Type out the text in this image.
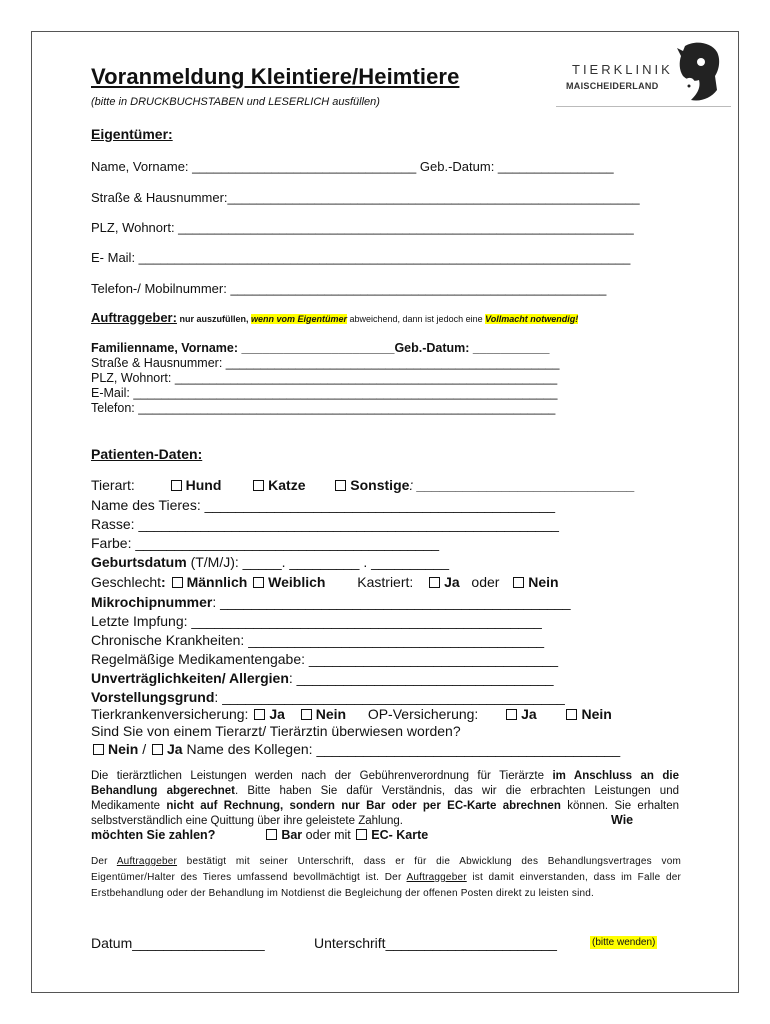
Voranmeldung Kleintiere/Heimtiere
(bitte in DRUCKBUCHSTABEN und LESERLICH ausfüllen)
TIERKLINIK
MAISCHEIDERLAND
Eigentümer:
Name, Vorname: _______________________________ Geb.-Datum: ________________
Straße & Hausnummer:_________________________________________________________
PLZ, Wohnort: _______________________________________________________________
E- Mail: ____________________________________________________________________
Telefon-/ Mobilnummer: ____________________________________________________
Auftraggeber: nur auszufüllen, wenn vom Eigentümer abweichend, dann ist jedoch eine Vollmacht notwendig!
Familienname, Vorname: ______________________Geb.-Datum: ___________
Straße & Hausnummer: ________________________________________________
PLZ, Wohnort: _______________________________________________________
E-Mail: _____________________________________________________________
Telefon: ____________________________________________________________
Patienten-Daten:
Tierart:	Hund	Katze	Sonstige: ____________________________
Name des Tieres: _____________________________________________
Rasse: ______________________________________________________
Farbe: _______________________________________
Geburtsdatum (T/M/J): _____. _________ . __________
Geschlecht: Männlich Weiblich Kastriert: Ja oder Nein
Mikrochipnummer: _____________________________________________
Letzte Impfung: _____________________________________________
Chronische Krankheiten: ______________________________________
Regelmäßige Medikamentengabe: ________________________________
Unverträglichkeiten/ Allergien: _________________________________
Vorstellungsgrund: ____________________________________________
Tierkrankenversicherung: Ja Nein OP-Versicherung:	Ja	Nein
Sind Sie von einem Tierarzt/ Tierärztin überwiesen worden?
Nein / Ja Name des Kollegen: _______________________________________
Die tierärztlichen Leistungen werden nach der Gebührenverordnung für Tierärzte im Anschluss an die Behandlung abgerechnet. Bitte haben Sie dafür Verständnis, das wir die erbrachten Leistungen und Medikamente nicht auf Rechnung, sondern nur Bar oder per EC-Karte abrechnen können. Sie erhalten selbstverständlich eine Quittung über ihre geleistete Zahlung.	Wie
möchten Sie zahlen?	Bar oder mit EC- Karte
Der Auftraggeber bestätigt mit seiner Unterschrift, dass er für die Abwicklung des Behandlungsvertrages vom Eigentümer/Halter des Tieres umfassend bevollmächtigt ist. Der Auftraggeber ist damit einverstanden, dass im Falle der Erstbehandlung oder der Behandlung im Notdienst die Begleichung der offenen Posten direkt zu leisten sind.
Datum_________________	Unterschrift______________________	(bitte wenden)
